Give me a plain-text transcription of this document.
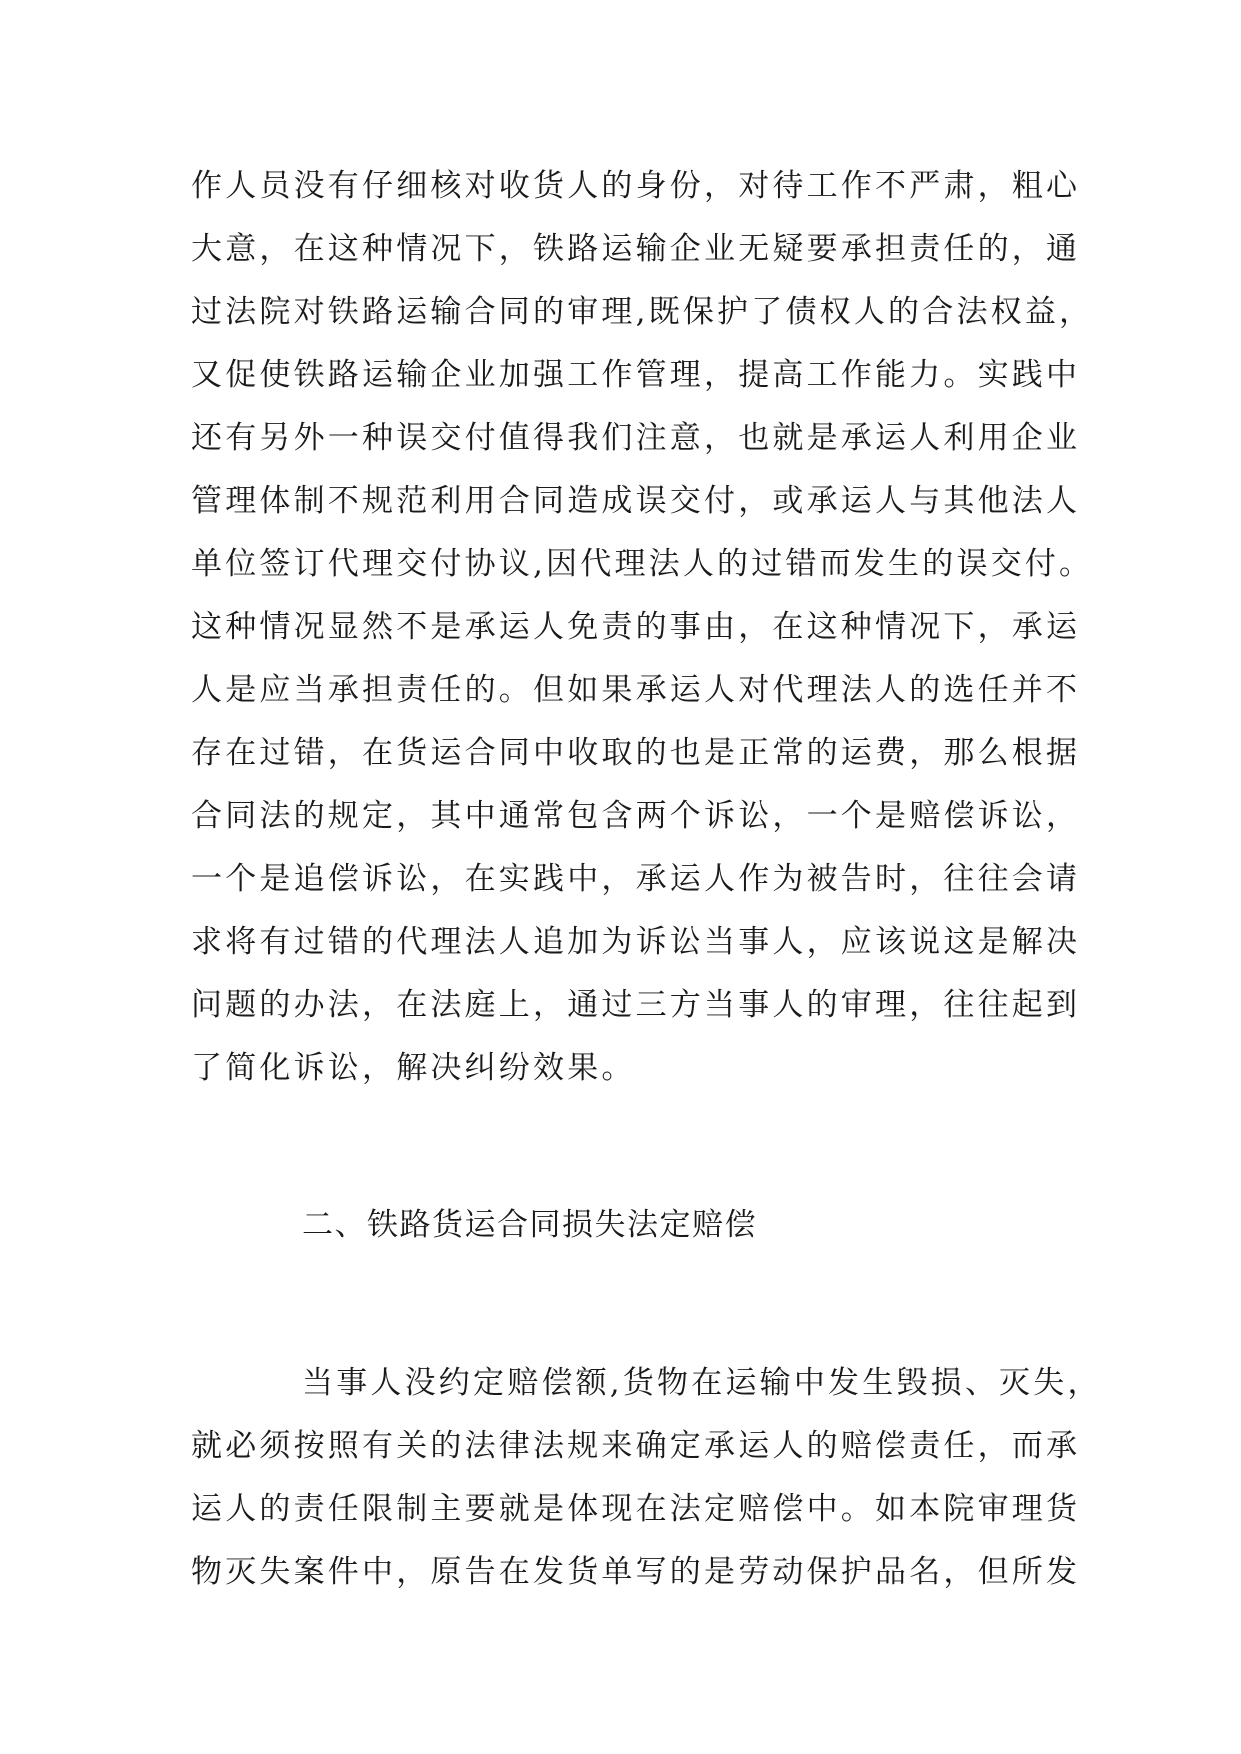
作人员没有仔细核对收货人的身份，对待工作不严肃，粗心
大意，在这种情况下，铁路运输企业无疑要承担责任的，通
过法院对铁路运输合同的审理,既保护了债权人的合法权益，
又促使铁路运输企业加强工作管理，提高工作能力。实践中
还有另外一种误交付值得我们注意，也就是承运人利用企业
管理体制不规范利用合同造成误交付，或承运人与其他法人
单位签订代理交付协议,因代理法人的过错而发生的误交付。
这种情况显然不是承运人免责的事由，在这种情况下，承运
人是应当承担责任的。但如果承运人对代理法人的选任并不
存在过错，在货运合同中收取的也是正常的运费，那么根据
合同法的规定，其中通常包含两个诉讼，一个是赔偿诉讼，
一个是追偿诉讼，在实践中，承运人作为被告时，往往会请
求将有过错的代理法人追加为诉讼当事人，应该说这是解决
问题的办法，在法庭上，通过三方当事人的审理，往往起到
了简化诉讼，解决纠纷效果。
二、铁路货运合同损失法定赔偿
当事人没约定赔偿额,货物在运输中发生毁损、灭失，
就必须按照有关的法律法规来确定承运人的赔偿责任，而承
运人的责任限制主要就是体现在法定赔偿中。如本院审理货
物灭失案件中，原告在发货单写的是劳动保护品名，但所发
